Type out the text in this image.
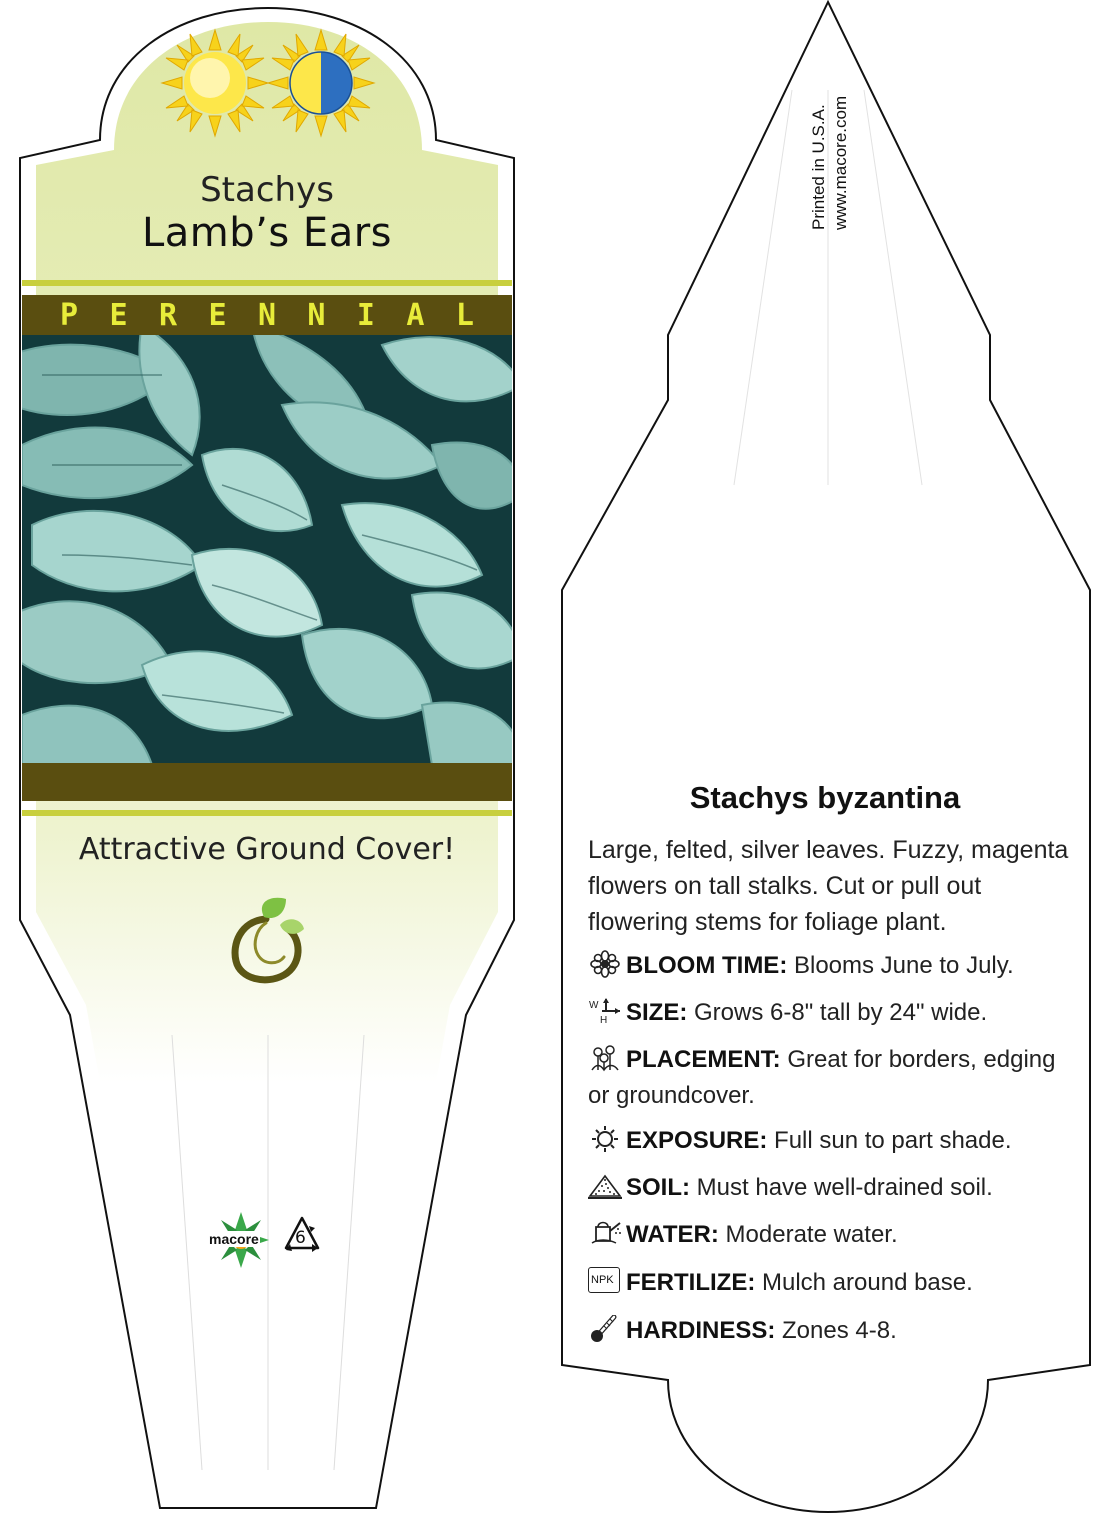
Stachys
Lamb’s Ears
P E R E N N I A L
Attractive Ground Cover!
macore 6
Printed in U.S.A. www.macore.com
Stachys byzantina
Large, felted, silver leaves. Fuzzy, magenta flowers on tall stalks. Cut or pull out flowering stems for foliage plant.
BLOOM TIME: Blooms June to July.
W
H SIZE: Grows 6-8" tall by 24" wide.
PLACEMENT: Great for borders, edging or groundcover.
EXPOSURE: Full sun to part shade.
SOIL: Must have well-drained soil.
WATER: Moderate water.
NPK FERTILIZE: Mulch around base.
HARDINESS: Zones 4-8.
